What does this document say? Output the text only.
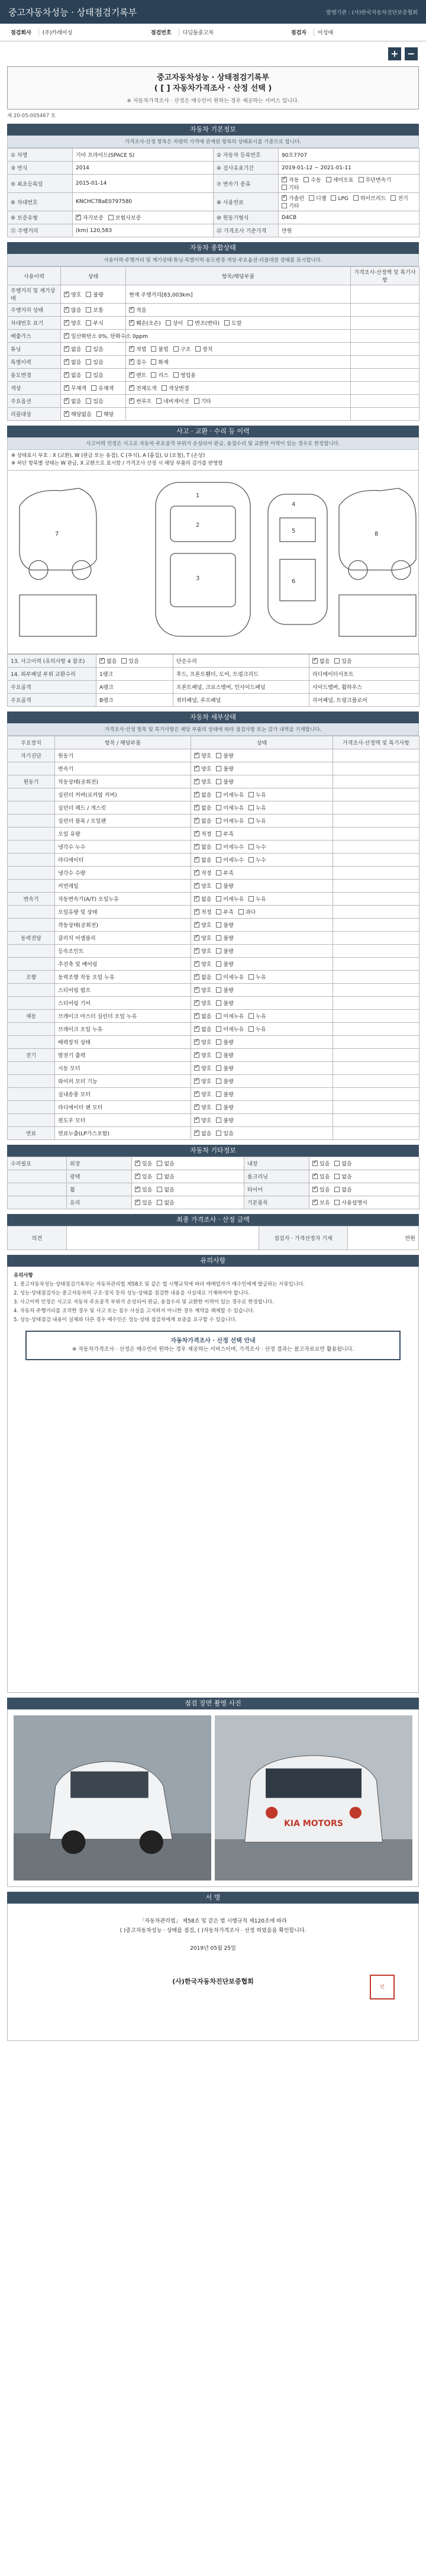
중고자동차성능 · 상태점검기록부	발행기관 : (사)한국자동차진단보증협회
점검회사	(주)카레이싱	점검번호	디딤돌중고차	점검자	이성애
+ −
중고자동차성능 · 상태점검기록부
( [ ] 자동차가격조사 · 산정 선택 )
※ 자동차가격조사 · 산정은 매수인이 원하는 경우 제공하는 서비스 입니다.
제 20-05-005467 호
자동차 기본정보
가격조사·산정 항목은 차량의 가격에 관계된 항목의 상태표시를 기준으로 합니다.
① 차명	기아 프라이드(SPACE S)	② 자동차 등록번호	90오7707
③ 연식	2014	④ 검사유효기간	2019-01-12 ~ 2021-01-11
⑤ 최초등록일	2015-01-14	⑦ 변속기 종류	✓자동 수동 세미오토 무단변속기기타
⑥ 차대번호	KNCHC7BaE0797580	⑧ 사용연료	✓가솔린 디젤 LPG 하이브리드 전기기타
⑨ 보증유형	✓자가보증 보험사보증	⑩ 원동기형식	D4CB
⑪ 주행거리	(km) 120,583	⑫ 가격조사 기준가격	만원
자동차 종합상태
사용이력·주행거리 및 계기상태·튜닝·특별이력·용도변경·색상·주요옵션·리콜대상 상태를 표시합니다.
사용이력	상태	항목/해당부품	가격조사·산정액 및 특기사항
주행거리 및 계기상태	✓양호 불량	현재 주행거리[83,003km]	
주행거리 상태	✓많음 보통	✓적음	
차대번호 표기	✓양호 부식	✓훼손(오손) 상이 변조(변타) 도말	
배출가스	✓일산화탄소 0%, 탄화수소 0ppm		
튜닝	✓없음 있음	✓적법 불법 구조 장치	
특별이력	✓없음 있음	✓침수 화재	
용도변경	✓없음 있음	✓렌트 리스 영업용	
색상	✓무채색 유채색	✓전체도색 색상변경	
주요옵션	✓없음 있음	✓썬루프 네비게이션 기타	
리콜대상	✓해당없음 해당		
사고 · 교환 · 수리 등 이력
사고이력 인정은 사고로 자동차 주요골격 부위가 손상되어 판금, 용접수리 및 교환한 이력이 있는 경우로 한정합니다.
※ 상태표시 부호 : X (교환), W (판금 또는 용접), C (부식), A (흠집), U (요철), T (손상)
※ 하단 항목별 상태는 W 판금, X 교환으로 표시함 / 가격조사 산정 시 해당 부품의 감가를 반영함
1
2
3
4
5
6
7	8
13. 사고이력 (유의사항 4 참조)	✓없음 있음	단순수리	✓없음 있음
14. 외부패널 부위 교환수리	1랭크	후드, 프론트휀더, 도어, 트렁크리드	라디에이터서포트
주요골격	A랭크	프론트패널, 크로스멤버, 인사이드패널	사이드멤버, 휠하우스
주요골격	B랭크	쿼터패널, 루프패널	리어패널, 트렁크플로어
자동차 세부상태
가격조사·산정 항목 및 특기사항은 해당 부품의 상태에 따라 점검사항 또는 감가 내역을 기재합니다.
주요장치	항목 / 해당부품	상태	가격조사·산정액 및 특기사항
자기진단	원동기	✓양호 불량	
	변속기	✓양호 불량	
원동기	작동상태(공회전)	✓양호 불량	
	실린더 커버(로커암 커버)	✓없음 미세누유 누유	
	실린더 헤드 / 개스킷	✓없음 미세누유 누유	
	실린더 블록 / 오일팬	✓없음 미세누유 누유	
	오일 유량	✓적정 부족	
	냉각수 누수	✓없음 미세누수 누수	
	라디에이터	✓없음 미세누수 누수	
	냉각수 수량	✓적정 부족	
	커먼레일	✓양호 불량	
변속기	자동변속기(A/T) 오일누유	✓없음 미세누유 누유	
	오일유량 및 상태	✓적정 부족 과다	
	작동상태(공회전)	✓양호 불량	
동력전달	클러치 어셈블리	✓양호 불량	
	등속조인트	✓양호 불량	
	추진축 및 베어링	✓양호 불량	
조향	동력조향 작동 오일 누유	✓없음 미세누유 누유	
	스티어링 펌프	✓양호 불량	
	스티어링 기어	✓양호 불량	
제동	브레이크 마스터 실린더 오일 누유	✓없음 미세누유 누유	
	브레이크 오일 누유	✓없음 미세누유 누유	
	배력장치 상태	✓양호 불량	
전기	발전기 출력	✓양호 불량	
	시동 모터	✓양호 불량	
	와이퍼 모터 기능	✓양호 불량	
	실내송풍 모터	✓양호 불량	
	라디에이터 팬 모터	✓양호 불량	
	윈도우 모터	✓양호 불량	
연료	연료누출(LP가스포함)	✓없음 있음	
자동차 기타정보
수리필요	외장	✓있음 없음	내장	✓있음 없음
	광택	✓있음 없음	룸크리닝	✓있음 없음
	휠	✓있음 없음	타이어	✓있음 없음
	유리	✓있음 없음	기본품목	✓보유 사용설명서
최종 가격조사 · 산정 금액
의견		점검자 · 가격산정자 기재	만원
유의사항
유의사항

1. 중고자동차성능·상태점검기록부는 자동차관리법 제58조 및 같은 법 시행규칙에 따라 매매업자가 매수인에게 발급하는 서류입니다.

2. 성능·상태점검자는 중고자동차의 구조·장치 등의 성능·상태를 점검한 내용을 사실대로 기재하여야 합니다.

3. 사고이력 인정은 사고로 자동차 주요골격 부위가 손상되어 판금, 용접수리 및 교환한 이력이 있는 경우로 한정합니다.

4. 자동차 주행거리를 조작한 경우 및 사고 또는 침수 사실을 고지하지 아니한 경우 계약을 해제할 수 있습니다.

5. 성능·상태점검 내용이 실제와 다른 경우 매수인은 성능·상태 점검자에게 보증을 요구할 수 있습니다.

자동차가격조사 · 산정 선택 안내
※ 자동차가격조사 · 산정은 매수인이 원하는 경우 제공하는 서비스이며, 가격조사 · 산정 결과는 참고자료로만 활용됩니다.
점검 장면 촬영 사진
KIA MOTORS
서 명
「자동차관리법」 제58조 및 같은 법 시행규칙 제120조에 따라
( )중고자동차성능 · 상태를 점검, ( )자동차가격조사 · 산정 하였음을 확인합니다.
2019년 05월 25일
(사)한국자동차진단보증협회
인
